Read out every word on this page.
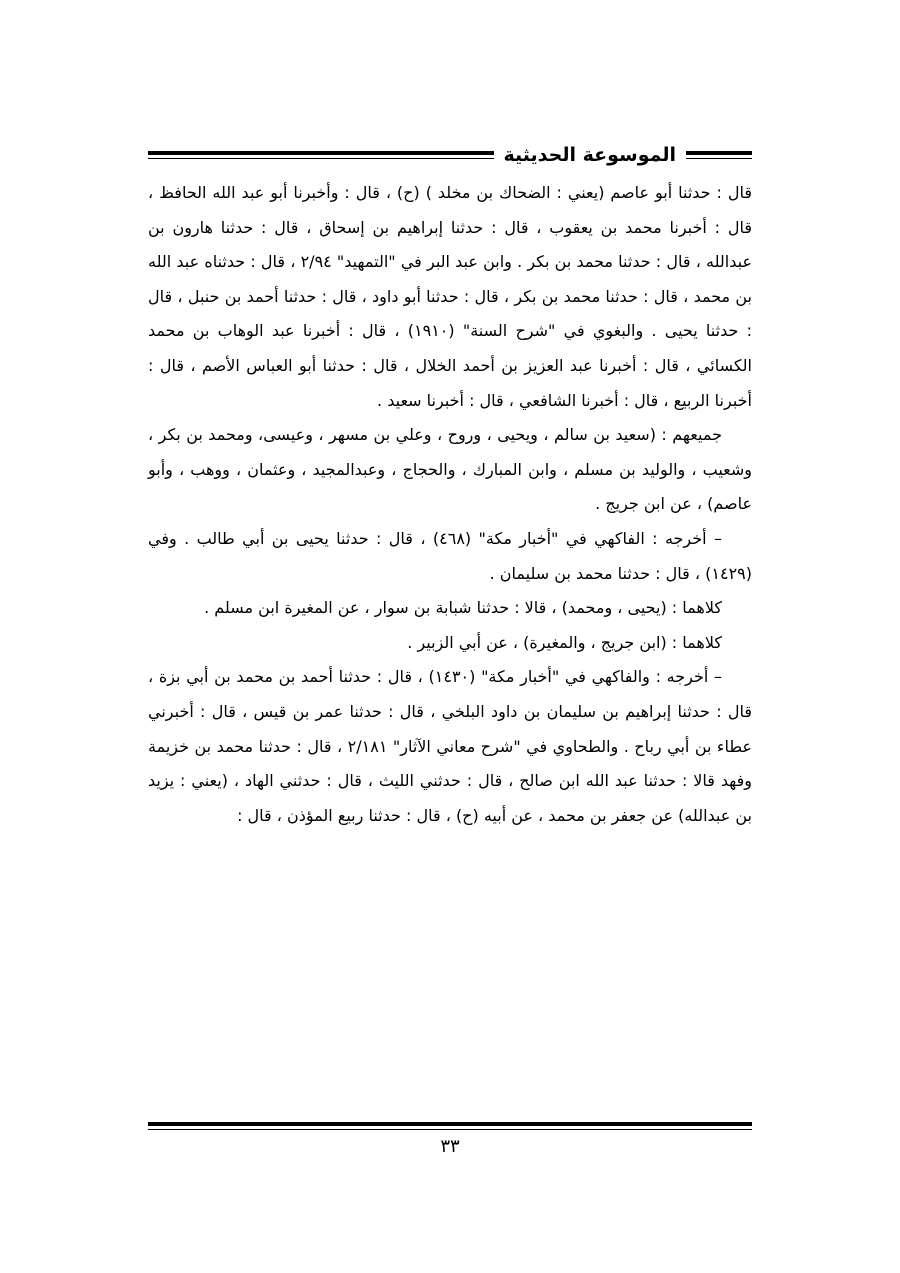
الموسوعة الحديثية

قال : حدثنا أبو عاصم (يعني : الضحاك بن مخلد ) (ح) ، قال : وأخبرنا أبو عبد الله الحافظ ، قال : أخبرنا محمد بن يعقوب ، قال : حدثنا إبراهيم بن إسحاق ، قال : حدثنا هارون بن عبدالله ، قال : حدثنا محمد بن بكر . وابن عبد البر في "التمهيد" ٢/٩٤ ، قال : حدثناه عبد الله بن محمد ، قال : حدثنا محمد بن بكر ، قال : حدثنا أبو داود ، قال : حدثنا أحمد بن حنبل ، قال : حدثنا يحيى . والبغوي في "شرح السنة" (١٩١٠) ، قال : أخبرنا عبد الوهاب بن محمد الكسائي ، قال : أخبرنا عبد العزيز بن أحمد الخلال ، قال : حدثنا أبو العباس الأصم ، قال : أخبرنا الربيع ، قال : أخبرنا الشافعي ، قال : أخبرنا سعيد .

جميعهم : (سعيد بن سالم ، ويحيى ، وروح ، وعلي بن مسهر ، وعيسى، ومحمد بن بكر ، وشعيب ، والوليد بن مسلم ، وابن المبارك ، والحجاج ، وعبدالمجيد ، وعثمان ، ووهب ، وأبو عاصم) ، عن ابن جريج .

– أخرجه : الفاكهي في "أخبار مكة" (٤٦٨) ، قال : حدثنا يحيى بن أبي طالب . وفي (١٤٢٩) ، قال : حدثنا محمد بن سليمان .

كلاهما : (يحيى ، ومحمد) ، قالا : حدثنا شبابة بن سوار ، عن المغيرة ابن مسلم .

كلاهما : (ابن جريج ، والمغيرة) ، عن أبي الزبير .

– أخرجه : والفاكهي في "أخبار مكة" (١٤٣٠) ، قال : حدثنا أحمد بن محمد بن أبي بزة ، قال : حدثنا إبراهيم بن سليمان بن داود البلخي ، قال : حدثنا عمر بن قيس ، قال : أخبرني عطاء بن أبي رباح . والطحاوي في "شرح معاني الآثار" ٢/١٨١ ، قال : حدثنا محمد بن خزيمة وفهد قالا : حدثنا عبد الله ابن صالح ، قال : حدثني الليث ، قال : حدثني الهاد ، (يعني : يزيد بن عبدالله) عن جعفر بن محمد ، عن أبيه (ح) ، قال : حدثنا ربيع المؤذن ، قال :

٣٣
